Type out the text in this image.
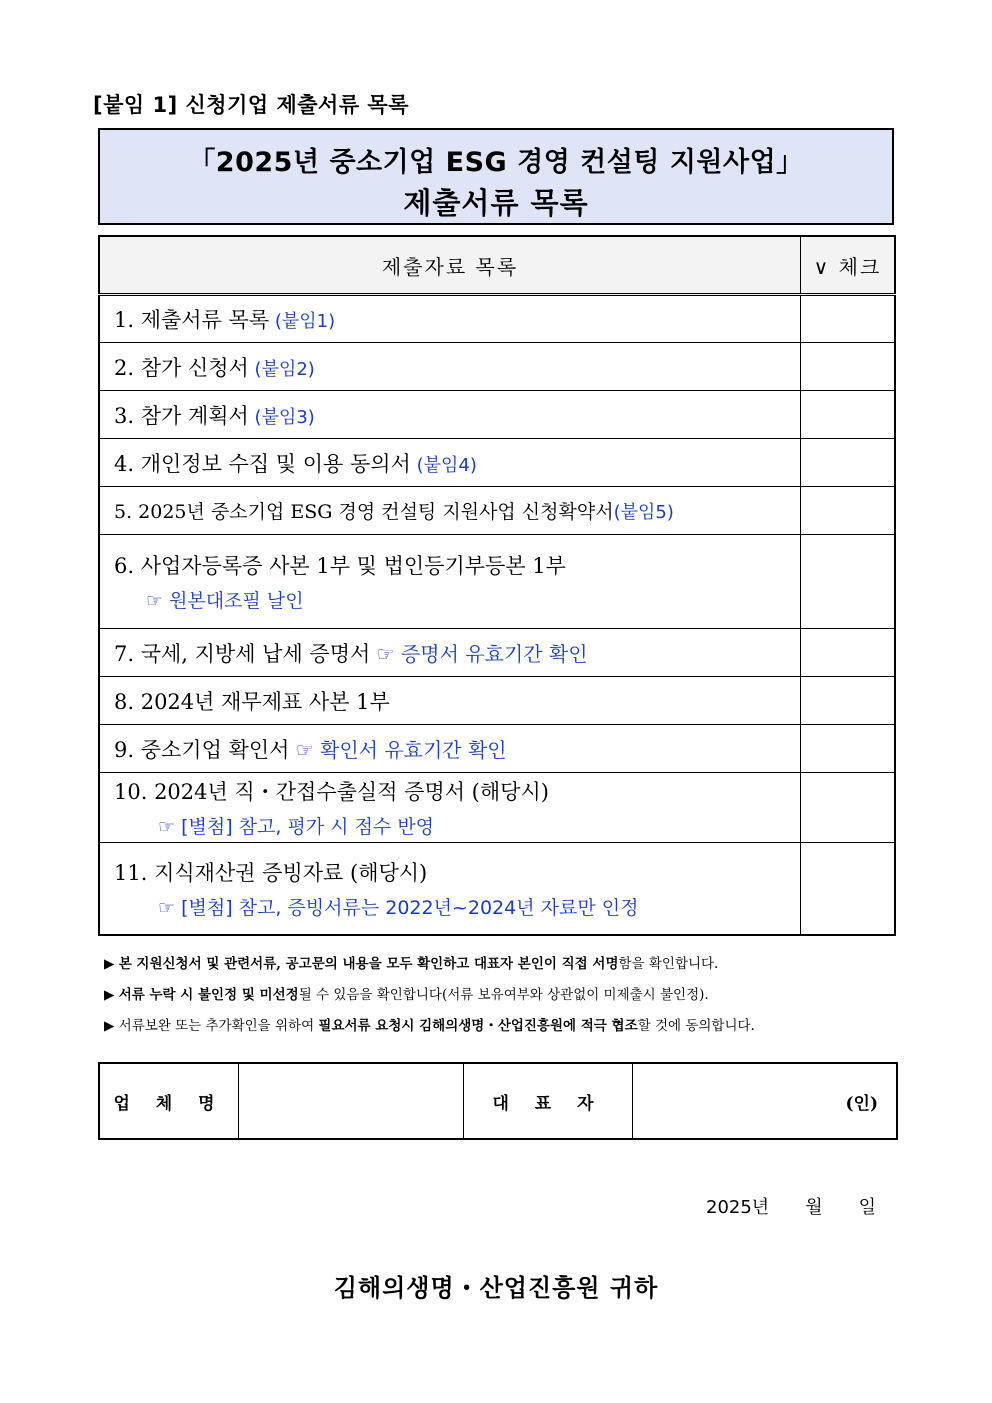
[붙임 1] 신청기업 제출서류 목록
「2025년 중소기업 ESG 경영 컨설팅 지원사업」
제출서류 목록
제출자료 목록	∨ 체크
1. 제출서류 목록 (붙임1)	
2. 참가 신청서 (붙임2)	
3. 참가 계획서 (붙임3)	
4. 개인정보 수집 및 이용 동의서 (붙임4)	
5. 2025년 중소기업 ESG 경영 컨설팅 지원사업 신청확약서(붙임5)	

6. 사업자등록증 사본 1부 및 법인등기부등본 1부
☞ 원본대조필 날인	

7. 국세, 지방세 납세 증명서 ☞ 증명서 유효기간 확인	
8. 2024년 재무제표 사본 1부	
9. 중소기업 확인서 ☞ 확인서 유효기간 확인	

10. 2024년 직・간접수출실적 증명서 (해당시)
☞ [별첨] 참고, 평가 시 점수 반영	

11. 지식재산권 증빙자료 (해당시)
☞ [별첨] 참고, 증빙서류는 2022년~2024년 자료만 인정	

▶ 본 지원신청서 및 관련서류, 공고문의 내용을 모두 확인하고 대표자 본인이 직접 서명함을 확인합니다.
▶ 서류 누락 시 불인정 및 미선정될 수 있음을 확인합니다(서류 보유여부와 상관없이 미제출시 불인정).
▶ 서류보완 또는 추가확인을 위하여 필요서류 요청시 김해의생명・산업진흥원에 적극 협조할 것에 동의합니다.
업 체 명		대 표 자	(인)
2025년 월 일
김해의생명・산업진흥원 귀하
